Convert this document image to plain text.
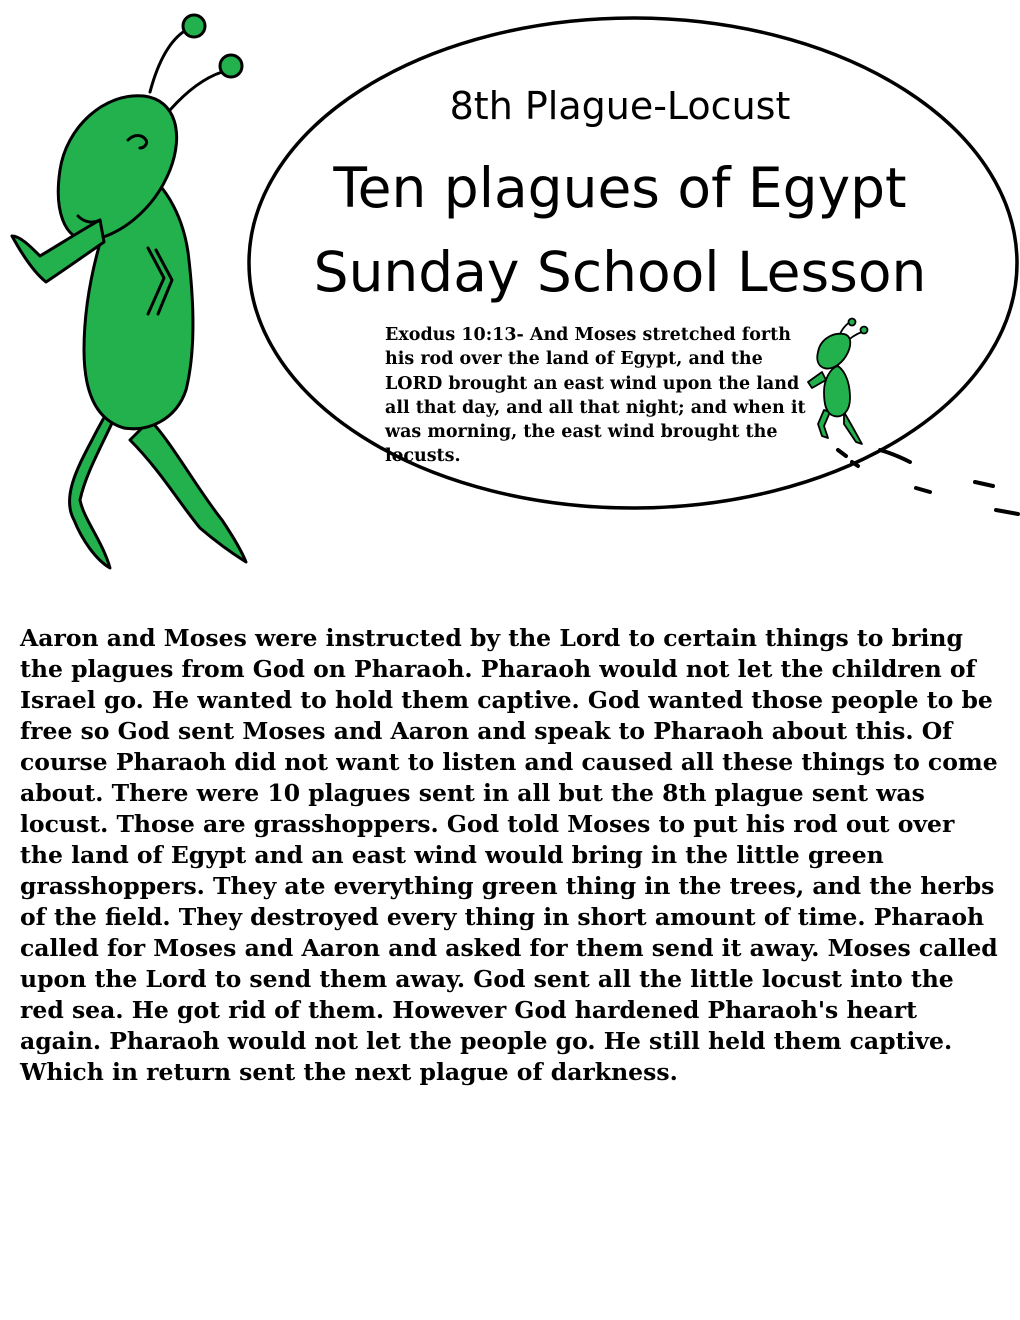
8th Plague-Locust
Ten plagues of Egypt
Sunday School Lesson
Exodus 10:13- And Moses stretched forth his rod over the land of Egypt, and the LORD brought an east wind upon the land all that day, and all that night; and when it was morning, the east wind brought the locusts.
Aaron and Moses were instructed by the Lord to certain things to bring the plagues from God on Pharaoh. Pharaoh would not let the children of Israel go. He wanted to hold them captive. God wanted those people to be free so God sent Moses and Aaron and speak to Pharaoh about this. Of course Pharaoh did not want to listen and caused all these things to come about. There were 10 plagues sent in all but the 8th plague sent was locust. Those are grasshoppers. God told Moses to put his rod out over the land of Egypt and an east wind would bring in the little green grasshoppers. They ate everything green thing in the trees, and the herbs of the field. They destroyed every thing in short amount of time. Pharaoh called for Moses and Aaron and asked for them send it away. Moses called upon the Lord to send them away. God sent all the little locust into the red sea. He got rid of them. However God hardened Pharaoh's heart again. Pharaoh would not let the people go. He still held them captive. Which in return sent the next plague of darkness.
